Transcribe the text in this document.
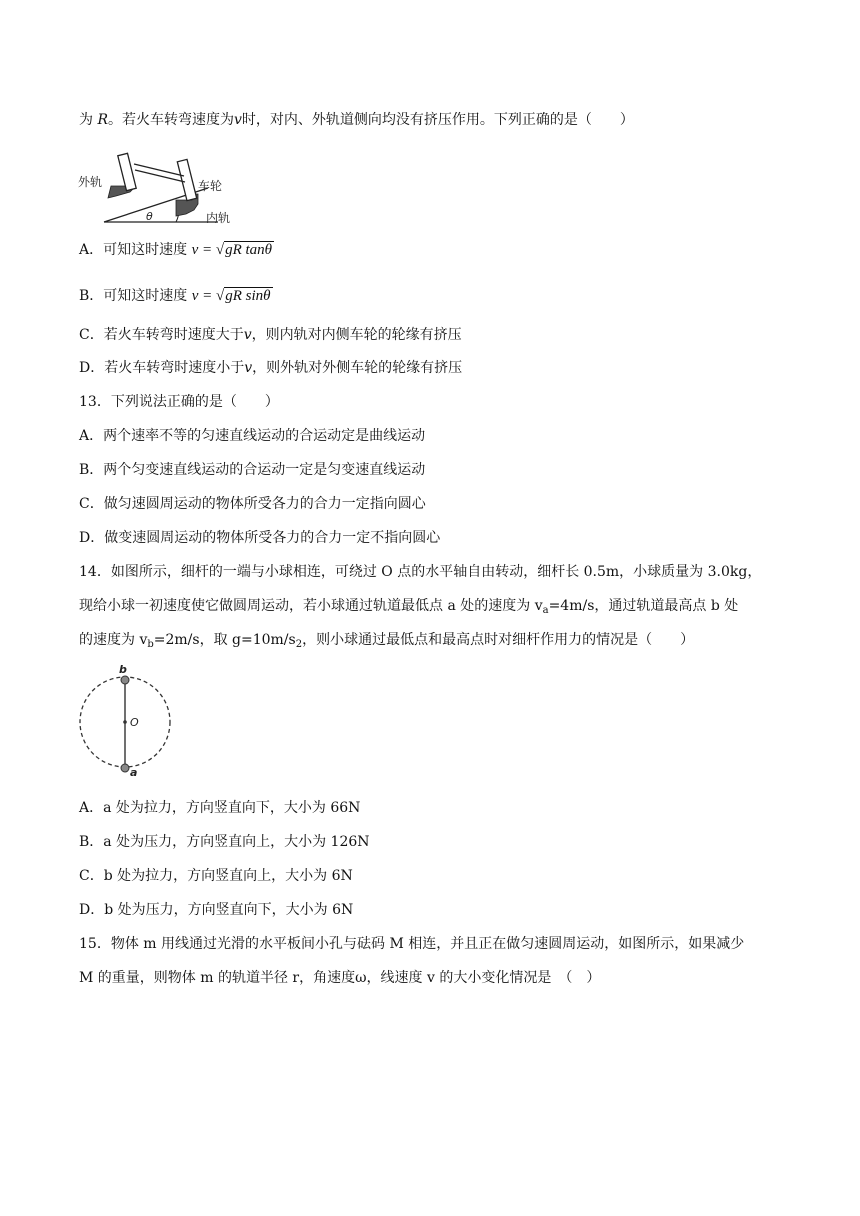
为 R。若火车转弯速度为v时，对内、外轨道侧向均没有挤压作用。下列正确的是（　　）
θ
外轨	车轮
内轨
A．可知这时速度 v = √gR tanθ
B．可知这时速度 v = √gR sinθ
C．若火车转弯时速度大于v，则内轨对内侧车轮的轮缘有挤压
D．若火车转弯时速度小于v，则外轨对外侧车轮的轮缘有挤压
13．下列说法正确的是（　　）
A．两个速率不等的匀速直线运动的合运动定是曲线运动
B．两个匀变速直线运动的合运动一定是匀变速直线运动
C．做匀速圆周运动的物体所受各力的合力一定指向圆心
D．做变速圆周运动的物体所受各力的合力一定不指向圆心
14．如图所示，细杆的一端与小球相连，可绕过 O 点的水平轴自由转动，细杆长 0.5m，小球质量为 3.0kg，
现给小球一初速度使它做圆周运动，若小球通过轨道最低点 a 处的速度为 $v_a=4m/s$，通过轨道最高点 b 处
的速度为 $v_b=2m/s$，取 $g=10m/s_2$，则小球通过最低点和最高点时对细杆作用力的情况是（　　）
b
O
a
A．a 处为拉力，方向竖直向下，大小为 66N
B．a 处为压力，方向竖直向上，大小为 126N
C．b 处为拉力，方向竖直向上，大小为 6N
D．b 处为压力，方向竖直向下，大小为 6N
15．物体 m 用线通过光滑的水平板间小孔与砝码 M 相连，并且正在做匀速圆周运动，如图所示，如果减少
M 的重量，则物体 m 的轨道半径 r，角速度ω，线速度 v 的大小变化情况是　（　）
